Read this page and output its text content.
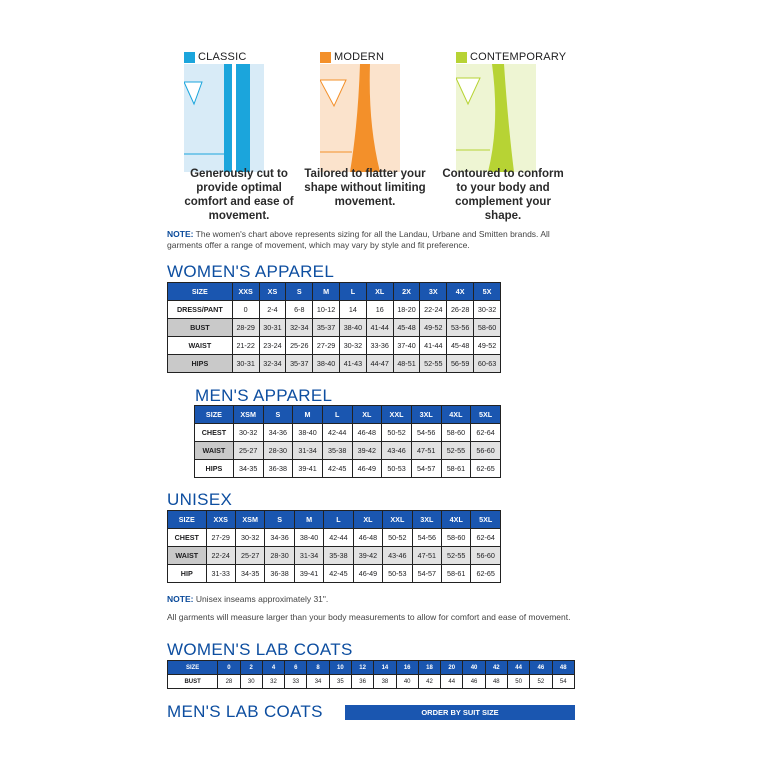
CLASSIC
Generously cut to provide optimal comfort and ease of movement.
MODERN
Tailored to flatter your shape without limiting movement.
CONTEMPORARY
Contoured to conform to your body and complement your shape.
NOTE: The women's chart above represents sizing for all the Landau, Urbane and Smitten brands. All garments offer a range of movement, which may vary by style and fit preference.
WOMEN'S APPAREL
SIZE	XXS	XS	S	M	L	XL	2X	3X	4X	5X
DRESS/PANT	0	2-4	6-8	10-12	14	16	18-20	22-24	26-28	30-32
BUST	28-29	30-31	32-34	35-37	38-40	41-44	45-48	49-52	53-56	58-60
WAIST	21-22	23-24	25-26	27-29	30-32	33-36	37-40	41-44	45-48	49-52
HIPS	30-31	32-34	35-37	38-40	41-43	44-47	48-51	52-55	56-59	60-63
MEN'S APPAREL
SIZE	XSM	S	M	L	XL	XXL	3XL	4XL	5XL
CHEST	30-32	34-36	38-40	42-44	46-48	50-52	54-56	58-60	62-64
WAIST	25-27	28-30	31-34	35-38	39-42	43-46	47-51	52-55	56-60
HIPS	34-35	36-38	39-41	42-45	46-49	50-53	54-57	58-61	62-65
UNISEX
SIZE	XXS	XSM	S	M	L	XL	XXL	3XL	4XL	5XL
CHEST	27-29	30-32	34-36	38-40	42-44	46-48	50-52	54-56	58-60	62-64
WAIST	22-24	25-27	28-30	31-34	35-38	39-42	43-46	47-51	52-55	56-60
HIP	31-33	34-35	36-38	39-41	42-45	46-49	50-53	54-57	58-61	62-65
NOTE: Unisex inseams approximately 31".
All garments will measure larger than your body measurements to allow for comfort and ease of movement.
WOMEN'S LAB COATS
SIZE	0	2	4	6	8	10	12	14	16	18	20	40	42	44	46	48
BUST	28	30	32	33	34	35	36	38	40	42	44	46	48	50	52	54
MEN'S LAB COATS	ORDER BY SUIT SIZE
